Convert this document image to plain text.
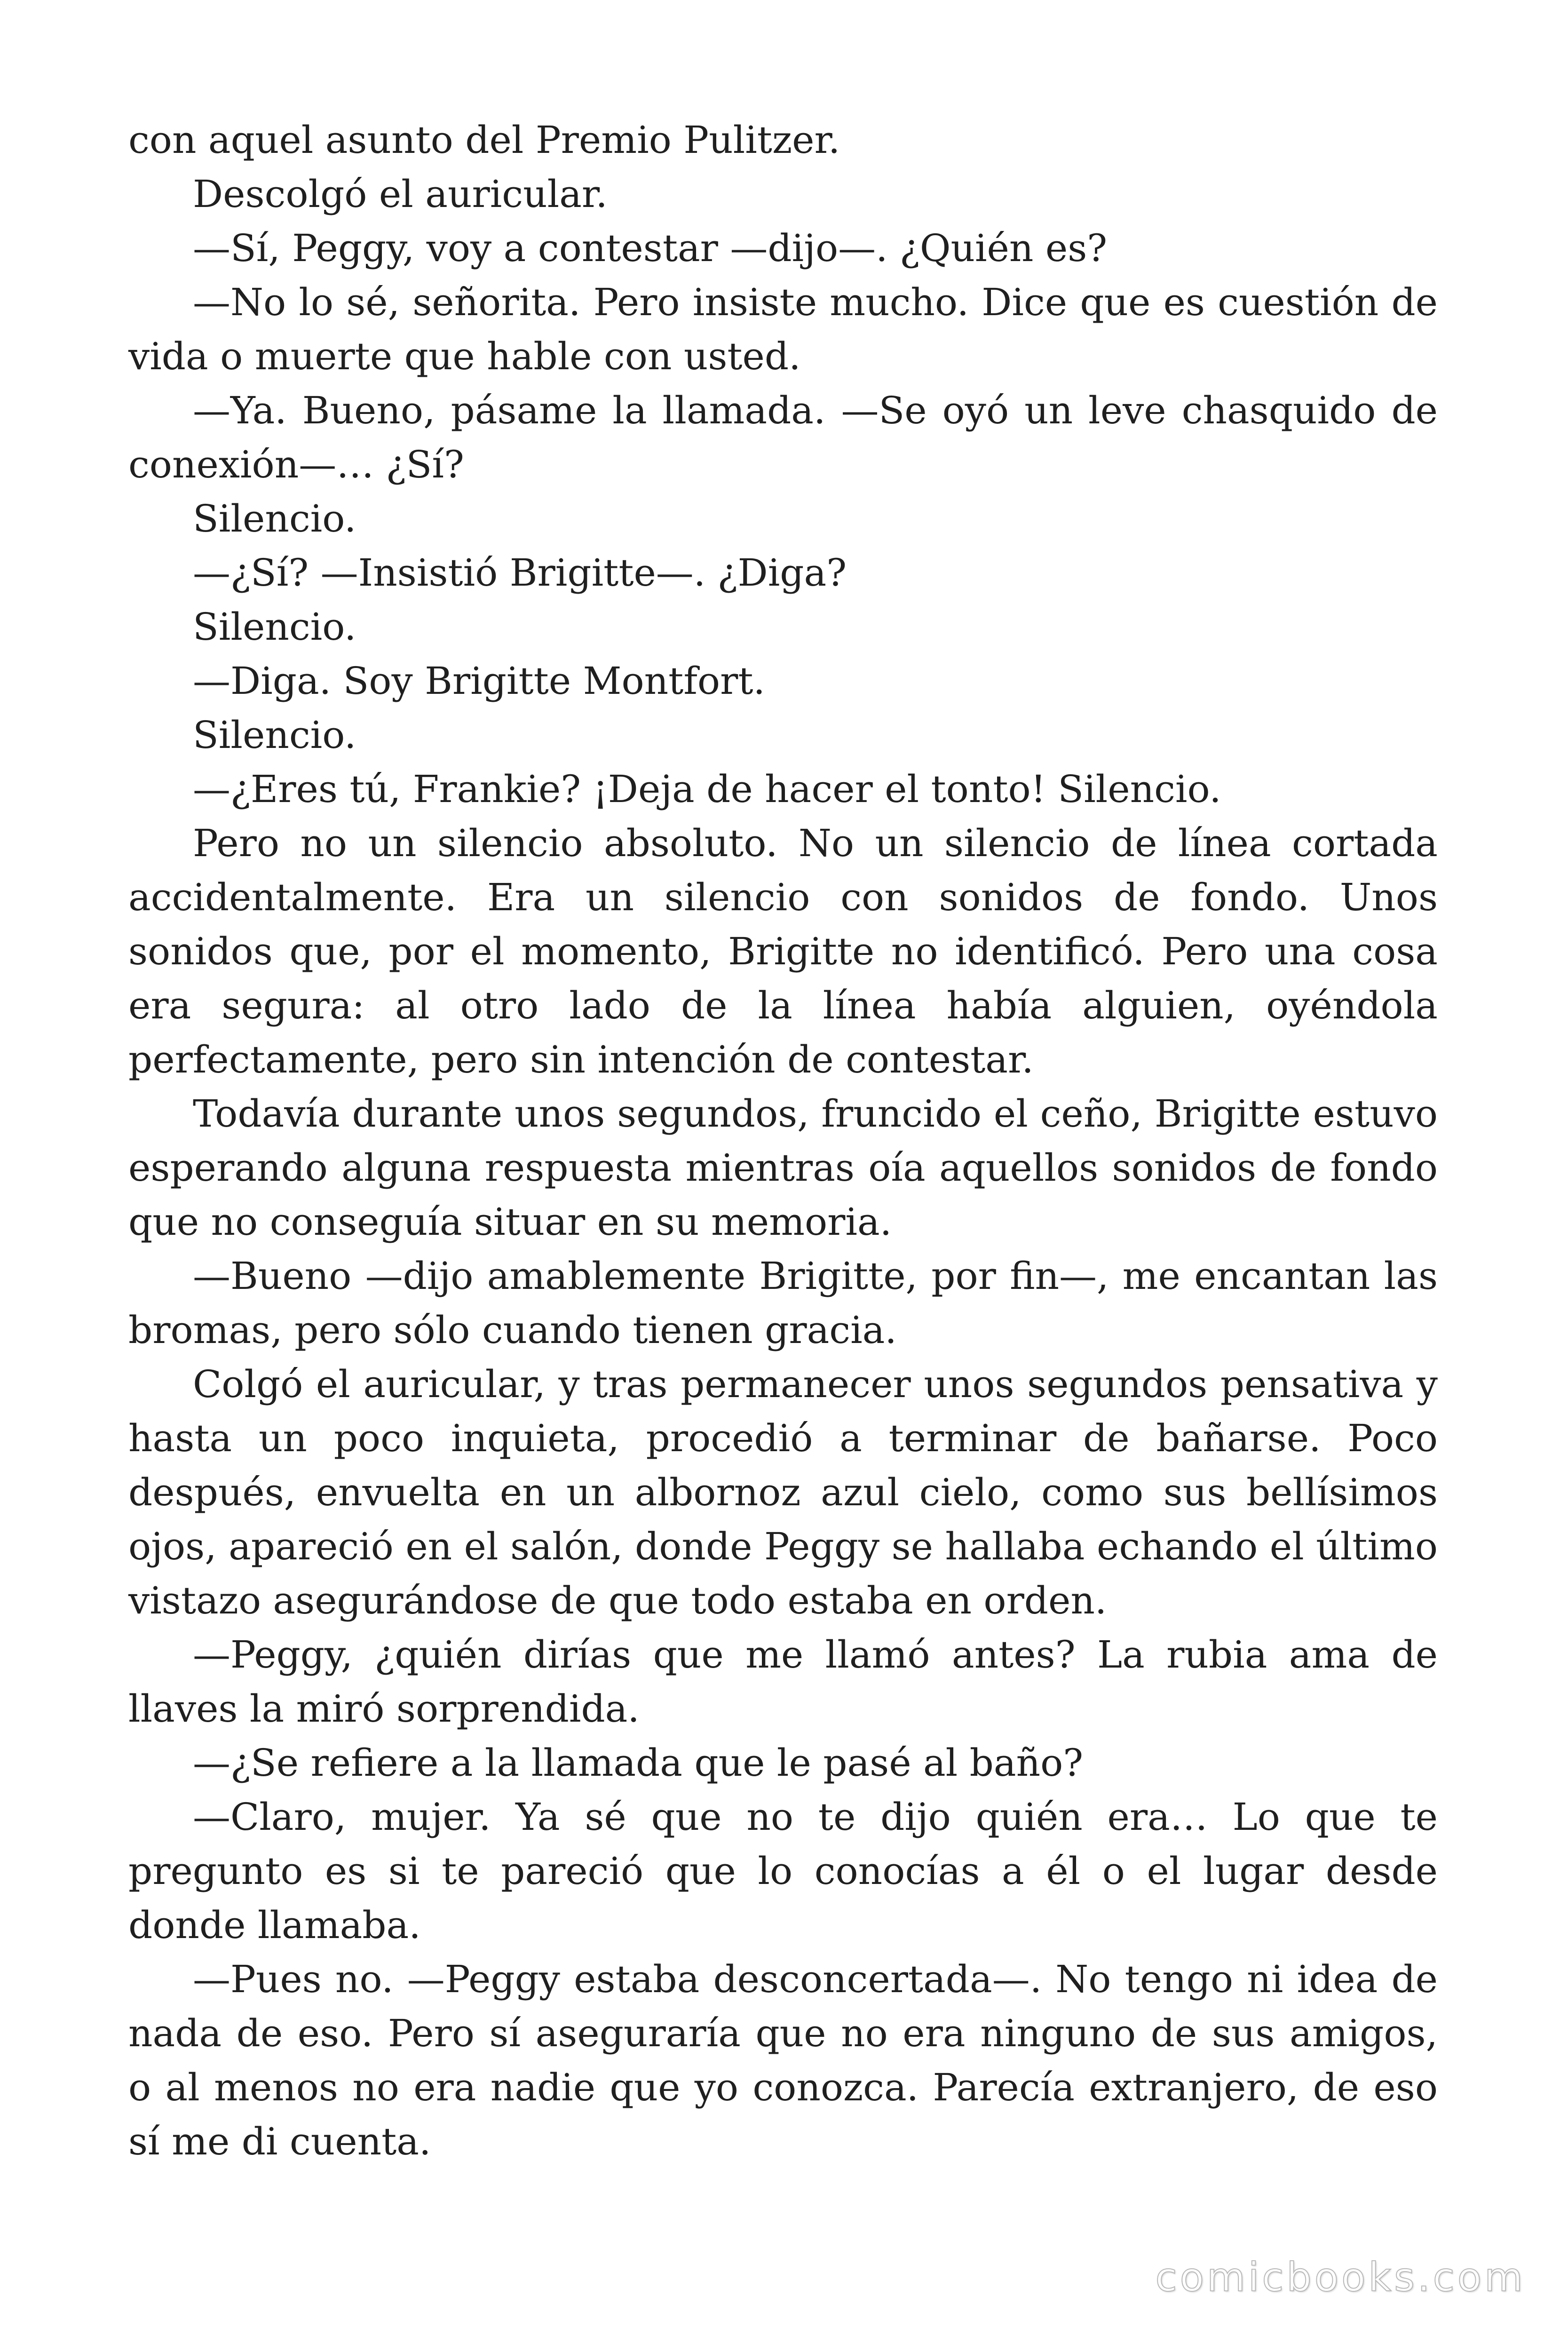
con aquel asunto del Premio Pulitzer.

Descolgó el auricular.

—Sí, Peggy, voy a contestar —dijo—. ¿Quién es?

—No lo sé, señorita. Pero insiste mucho. Dice que es cuestión de vida o muerte que hable con usted.

—Ya. Bueno, pásame la llamada. —Se oyó un leve chasquido de conexión—… ¿Sí?

Silencio.

—¿Sí? —Insistió Brigitte—. ¿Diga?

Silencio.

—Diga. Soy Brigitte Montfort.

Silencio.

—¿Eres tú, Frankie? ¡Deja de hacer el tonto! Silencio.

Pero no un silencio absoluto. No un silencio de línea cortada accidentalmente. Era un silencio con sonidos de fondo. Unos sonidos que, por el momento, Brigitte no identificó. Pero una cosa era segura: al otro lado de la línea había alguien, oyéndola perfectamente, pero sin intención de contestar.

Todavía durante unos segundos, fruncido el ceño, Brigitte estuvo esperando alguna respuesta mientras oía aquellos sonidos de fondo que no conseguía situar en su memoria.

—Bueno —dijo amablemente Brigitte, por fin—, me encantan las bromas, pero sólo cuando tienen gracia.

Colgó el auricular, y tras permanecer unos segundos pensativa y hasta un poco inquieta, procedió a terminar de bañarse. Poco después, envuelta en un albornoz azul cielo, como sus bellísimos ojos, apareció en el salón, donde Peggy se hallaba echando el último vistazo asegurándose de que todo estaba en orden.

—Peggy, ¿quién dirías que me llamó antes? La rubia ama de llaves la miró sorprendida.

—¿Se refiere a la llamada que le pasé al baño?

—Claro, mujer. Ya sé que no te dijo quién era… Lo que te pregunto es si te pareció que lo conocías a él o el lugar desde donde llamaba.

—Pues no. —Peggy estaba desconcertada—. No tengo ni idea de nada de eso. Pero sí aseguraría que no era ninguno de sus amigos, o al menos no era nadie que yo conozca. Parecía extranjero, de eso sí me di cuenta.

comicbooks.com
